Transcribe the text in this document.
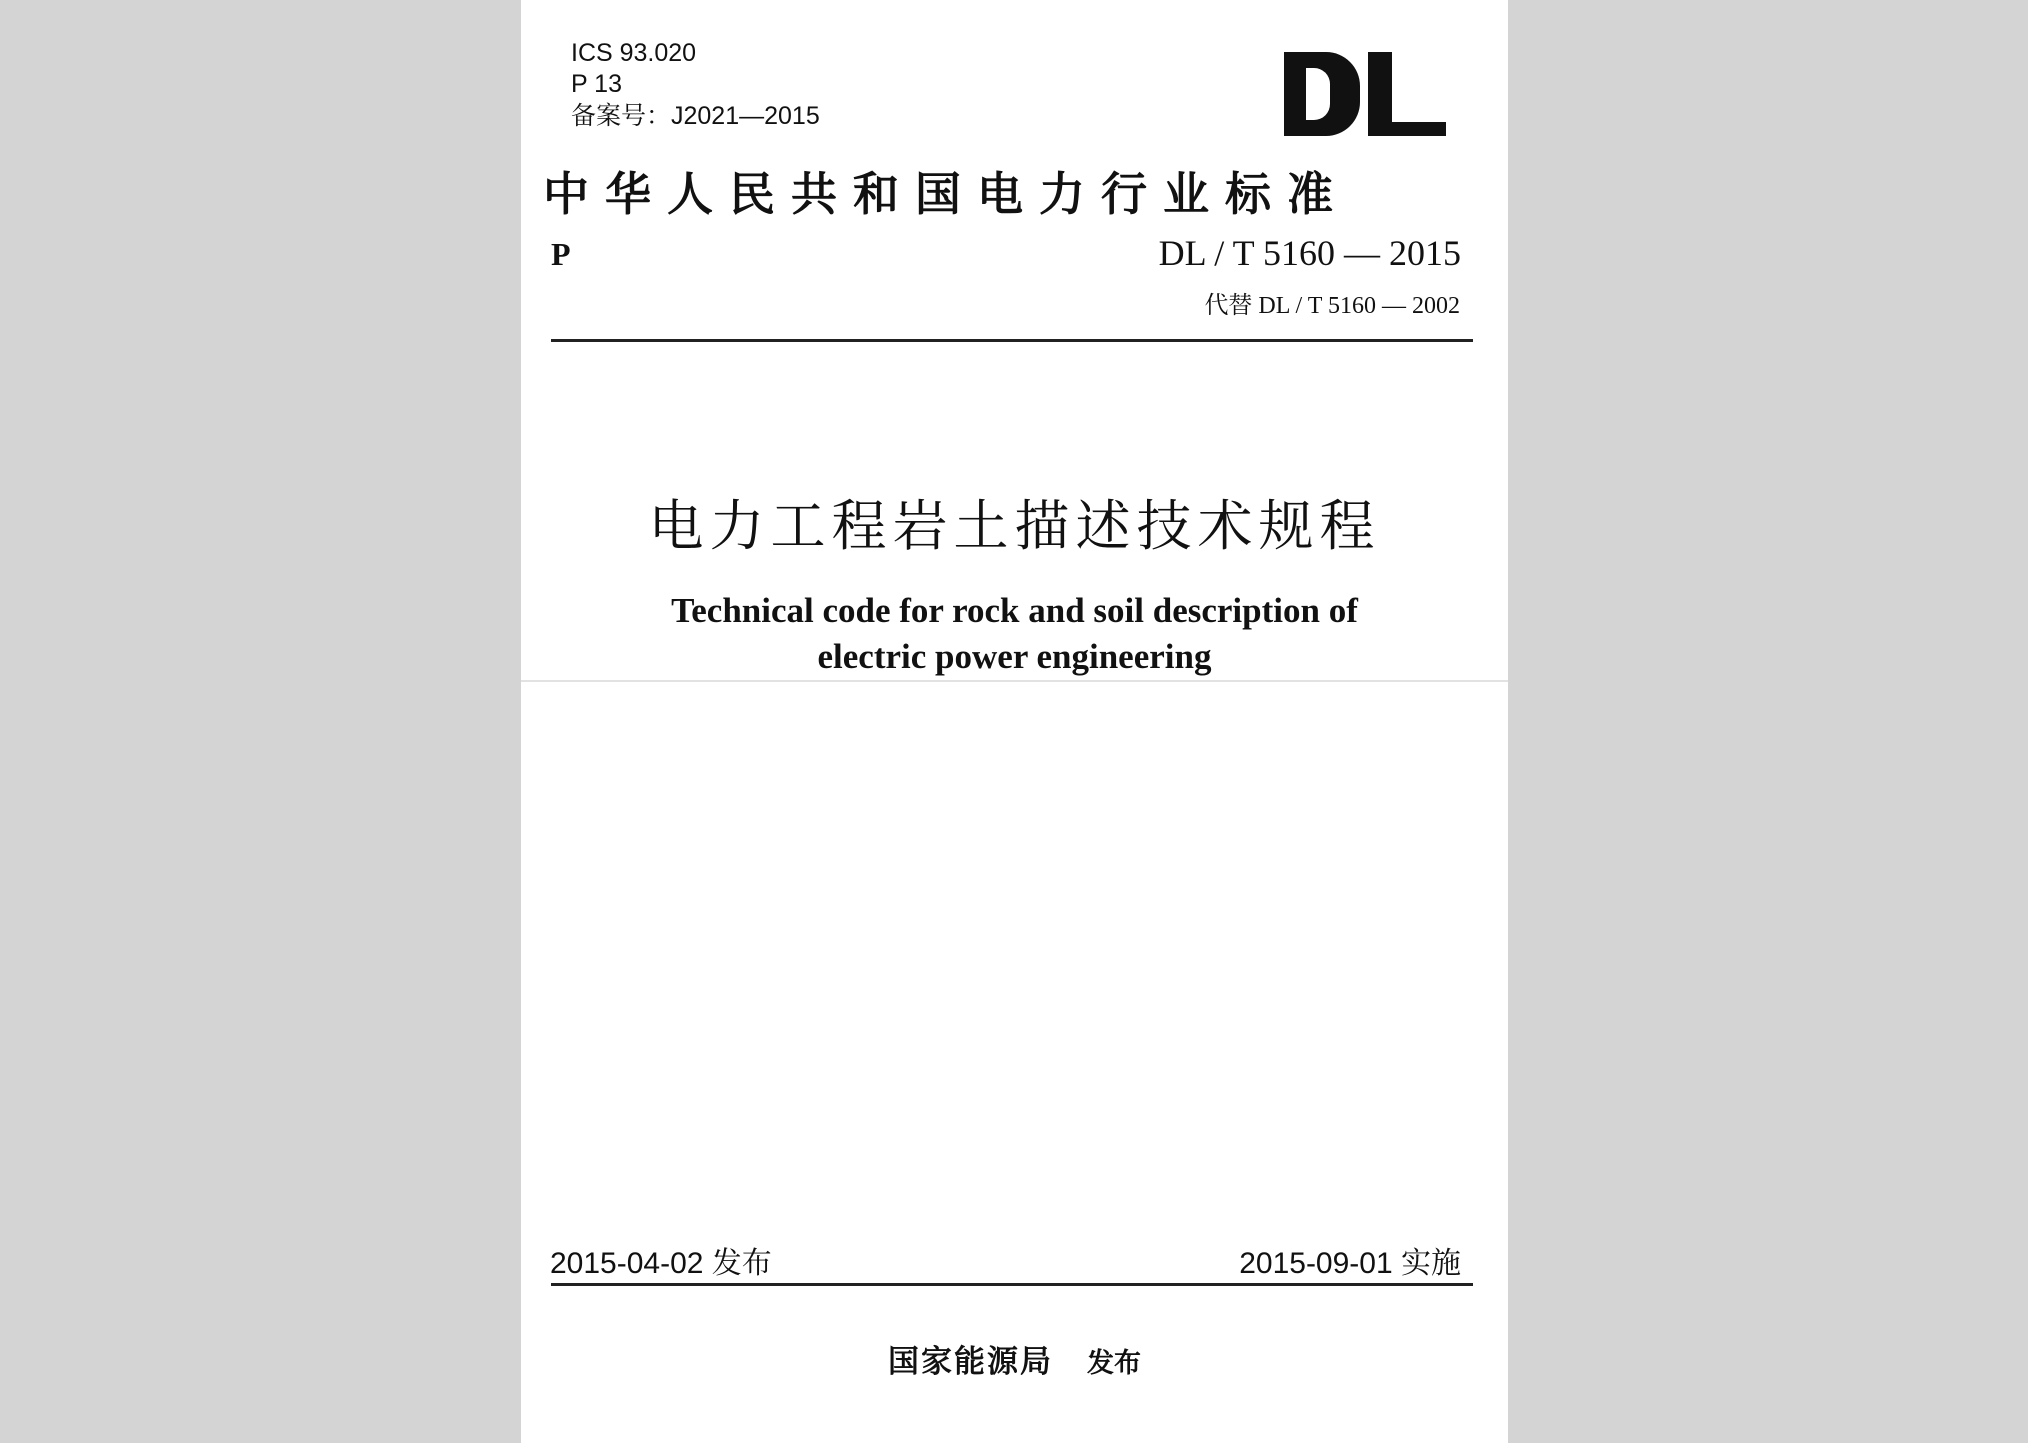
ICS 93.020
P 13
备案号：J2021—2015
中华人民共和国电力行业标准
P	DL / T 5160 — 2015
代替 DL / T 5160 — 2002
电力工程岩土描述技术规程
Technical code for rock and soil description of
electric power engineering
2015-04-02 发布	2015-09-01 实施
国家能源局 发布
